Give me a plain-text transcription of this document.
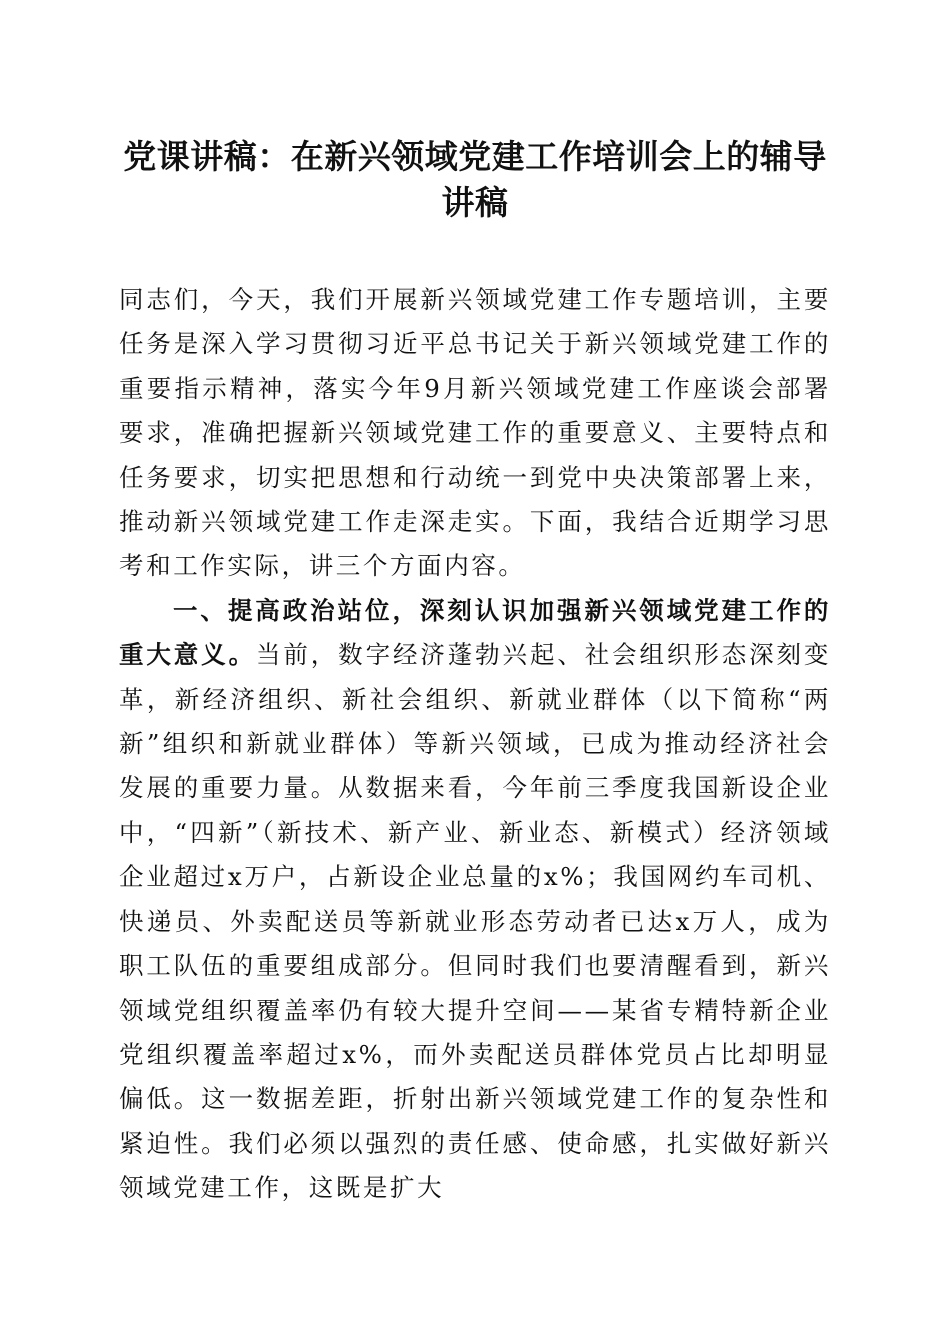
党课讲稿：在新兴领域党建工作培训会上的辅导讲稿

同志们，今天，我们开展新兴领域党建工作专题培训，主要任务是深入学习贯彻习近平总书记关于新兴领域党建工作的重要指示精神，落实今年9月新兴领域党建工作座谈会部署要求，准确把握新兴领域党建工作的重要意义、主要特点和任务要求，切实把思想和行动统一到党中央决策部署上来，推动新兴领域党建工作走深走实。下面，我结合近期学习思考和工作实际，讲三个方面内容。

一、提高政治站位，深刻认识加强新兴领域党建工作的重大意义。当前，数字经济蓬勃兴起、社会组织形态深刻变革，新经济组织、新社会组织、新就业群体（以下简称“两新”组织和新就业群体）等新兴领域，已成为推动经济社会发展的重要力量。从数据来看，今年前三季度我国新设企业中，“四新”（新技术、新产业、新业态、新模式）经济领域企业超过x万户，占新设企业总量的x%；我国网约车司机、快递员、外卖配送员等新就业形态劳动者已达x万人，成为职工队伍的重要组成部分。但同时我们也要清醒看到，新兴领域党组织覆盖率仍有较大提升空间——某省专精特新企业党组织覆盖率超过x%，而外卖配送员群体党员占比却明显偏低。这一数据差距，折射出新兴领域党建工作的复杂性和紧迫性。我们必须以强烈的责任感、使命感，扎实做好新兴领域党建工作，这既是扩大
